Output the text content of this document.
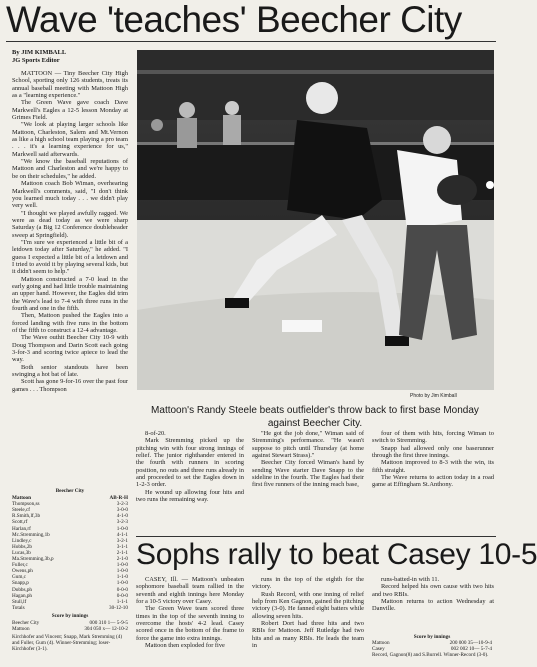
Wave 'teaches' Beecher City
By JIM KIMBALL
JG Sports Editor

MATTOON — Tiny Beecher City High School, sporting only 126 students, treats its annual baseball meeting with Mattoon High as a "learning experience."

The Green Wave gave coach Dave Markwell's Eagles a 12-5 lesson Monday at Grimes Field.

"We look at playing larger schools like Mattoon, Charleston, Salem and Mt.Vernon as like a high school team playing a pro team . . . it's a learning experience for us," Markwell said afterwards.

"We know the baseball reputations of Mattoon and Charleston and we're happy to be on their schedules," he added.

Mattoon coach Bob Wiman, overhearing Markwell's comments, said, "I don't think you learned much today . . . we didn't play very well.

"I thought we played awfully ragged. We were as dead today as we were sharp Saturday (a Big 12 Conference doubleheader sweep at Springfield).

"I'm sure we experienced a little bit of a letdown today after Saturday," he added. "I guess I expected a little bit of a letdown and I tried to avoid it by playing several kids, but it didn't seem to help."

Mattoon constructed a 7-0 lead in the early going and had little trouble maintaining an upper hand. However, the Eagles did trim the Wave's lead to 7-4 with three runs in the fourth and one in the fifth.

Then, Mattoon pushed the Eagles into a forced landing with five runs in the bottom of the fifth to construct a 12-4 advantage.

The Wave outhit Beecher City 10-9 with Doug Thompson and Darin Scott each going 3-for-3 and scoring twice apiece to lead the way.

Both senior standouts have been swinging a hot bat of late.

Scott has gone 9-for-16 over the past four games . . . Thompson

Photo by Jim Kimball
Mattoon's Randy Steele beats outfielder's throw back to first base Monday against Beecher City.

8-of-20.

Mark Stremming picked up the pitching win with four strong innings of relief. The junior righthander entered in the fourth with runners in scoring position, no outs and three runs already in and proceeded to set the Eagles down in 1-2-3 order.

He wound up allowing four hits and two runs the remaining way.

"He got the job done," Wiman said of Stremming's performance. "He wasn't suppose to pitch until Thursday (at home against Stewart Strass)."

Beecher City forced Wiman's hand by sending Wave starter Dave Snapp to the sideline in the fourth. The Eagles had their first five runners of the inning reach base,

four of them with hits, forcing Wiman to switch to Stremming.

Snapp had allowed only one baserunner through the first three innings.

Mattoon improved to 8-3 with the win, its fifth straight.

The Wave returns to action today in a road game at Effingham St.Anthony.

Beecher City
Mattoon	AB-R-H
Thompson,ss	3-2-3
Steele,cf	3-0-0
R.Smith,lf,3b	4-1-0
Scott,rf	3-2-3
Harlan,rf	1-0-0
Mc.Stremming,1b	4-1-1
Lindley,c	3-2-1
Hobbs,2b	3-1-1
Lucas,3b	2-1-1
Ma.Stremming,3b,p	2-1-0
Fuller,c	1-0-0
Owens,ph	1-0-0
Gum,c	1-1-0
Snapp,p	1-0-0
Dobbs,ph	0-0-0
Hagan,ph	0-0-0
Stull,lf	1-1-1
Totals	30-12-10
Score by innings
Beecher City	000 310 1— 5-9-5
Mattoon	304 050 x— 12-10-2
Kirchhofer and Vincent; Snapp, Mark Stremming (4) and Fuller, Gum (4). Winner-Stremming; loser-Kirchhofer (3-1).
Sophs rally to beat Casey 10-5

CASEY, Ill. — Mattoon's unbeaten sophomore baseball team rallied in the seventh and eighth innings here Monday for a 10-5 victory over Casey.

The Green Wave team scored three times in the top of the seventh inning to overcome the hosts' 4-2 lead. Casey scored once in the bottom of the frame to force the game into extra innings.

Mattoon then exploded for five

runs in the top of the eighth for the victory.

Rush Record, with one inning of relief help from Ken Gagnon, gained the pitching victory (3-0). He fanned eight batters while allowing seven hits.

Robert Dort had three hits and two RBIs for Mattoon. Jeff Rutledge had two hits and as many RBIs. He leads the team in

runs-batted-in with 11.

Record helped his own cause with two hits and two RBIs.

Mattoon returns to action Wednesday at Danville.

Score by innings
Mattoon	200 000 35—10-9-4
Casey	002 002 10— 5-7-4
Record, Gagnon(8) and S.Burrell. Winner-Record (3-0).
